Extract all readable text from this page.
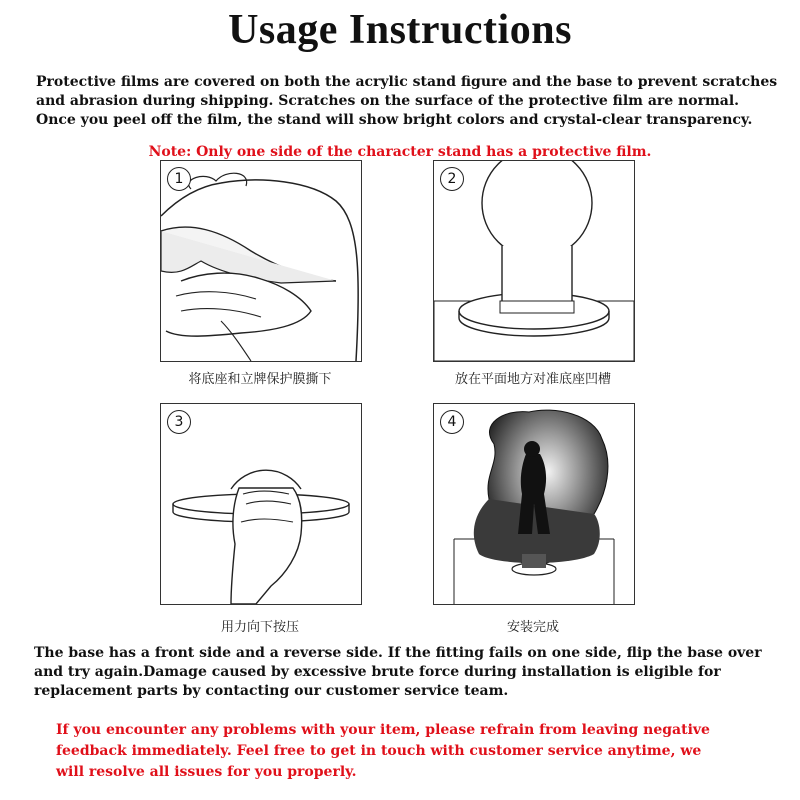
Usage Instructions
Protective films are covered on both the acrylic stand figure and the base to prevent scratches
and abrasion during shipping. Scratches on the surface of the protective film are normal.
Once you peel off the film, the stand will show bright colors and crystal-clear transparency.

Note: Only one side of the character stand has a protective film.

1
将底座和立牌保护膜撕下
2
放在平面地方对准底座凹槽
3
用力向下按压
4
安装完成
The base has a front side and a reverse side. If the fitting fails on one side, flip the base over
and try again.Damage caused by excessive brute force during installation is eligible for
replacement parts by contacting our customer service team.
If you encounter any problems with your item, please refrain from leaving negative
feedback immediately. Feel free to get in touch with customer service anytime, we
will resolve all issues for you properly.
